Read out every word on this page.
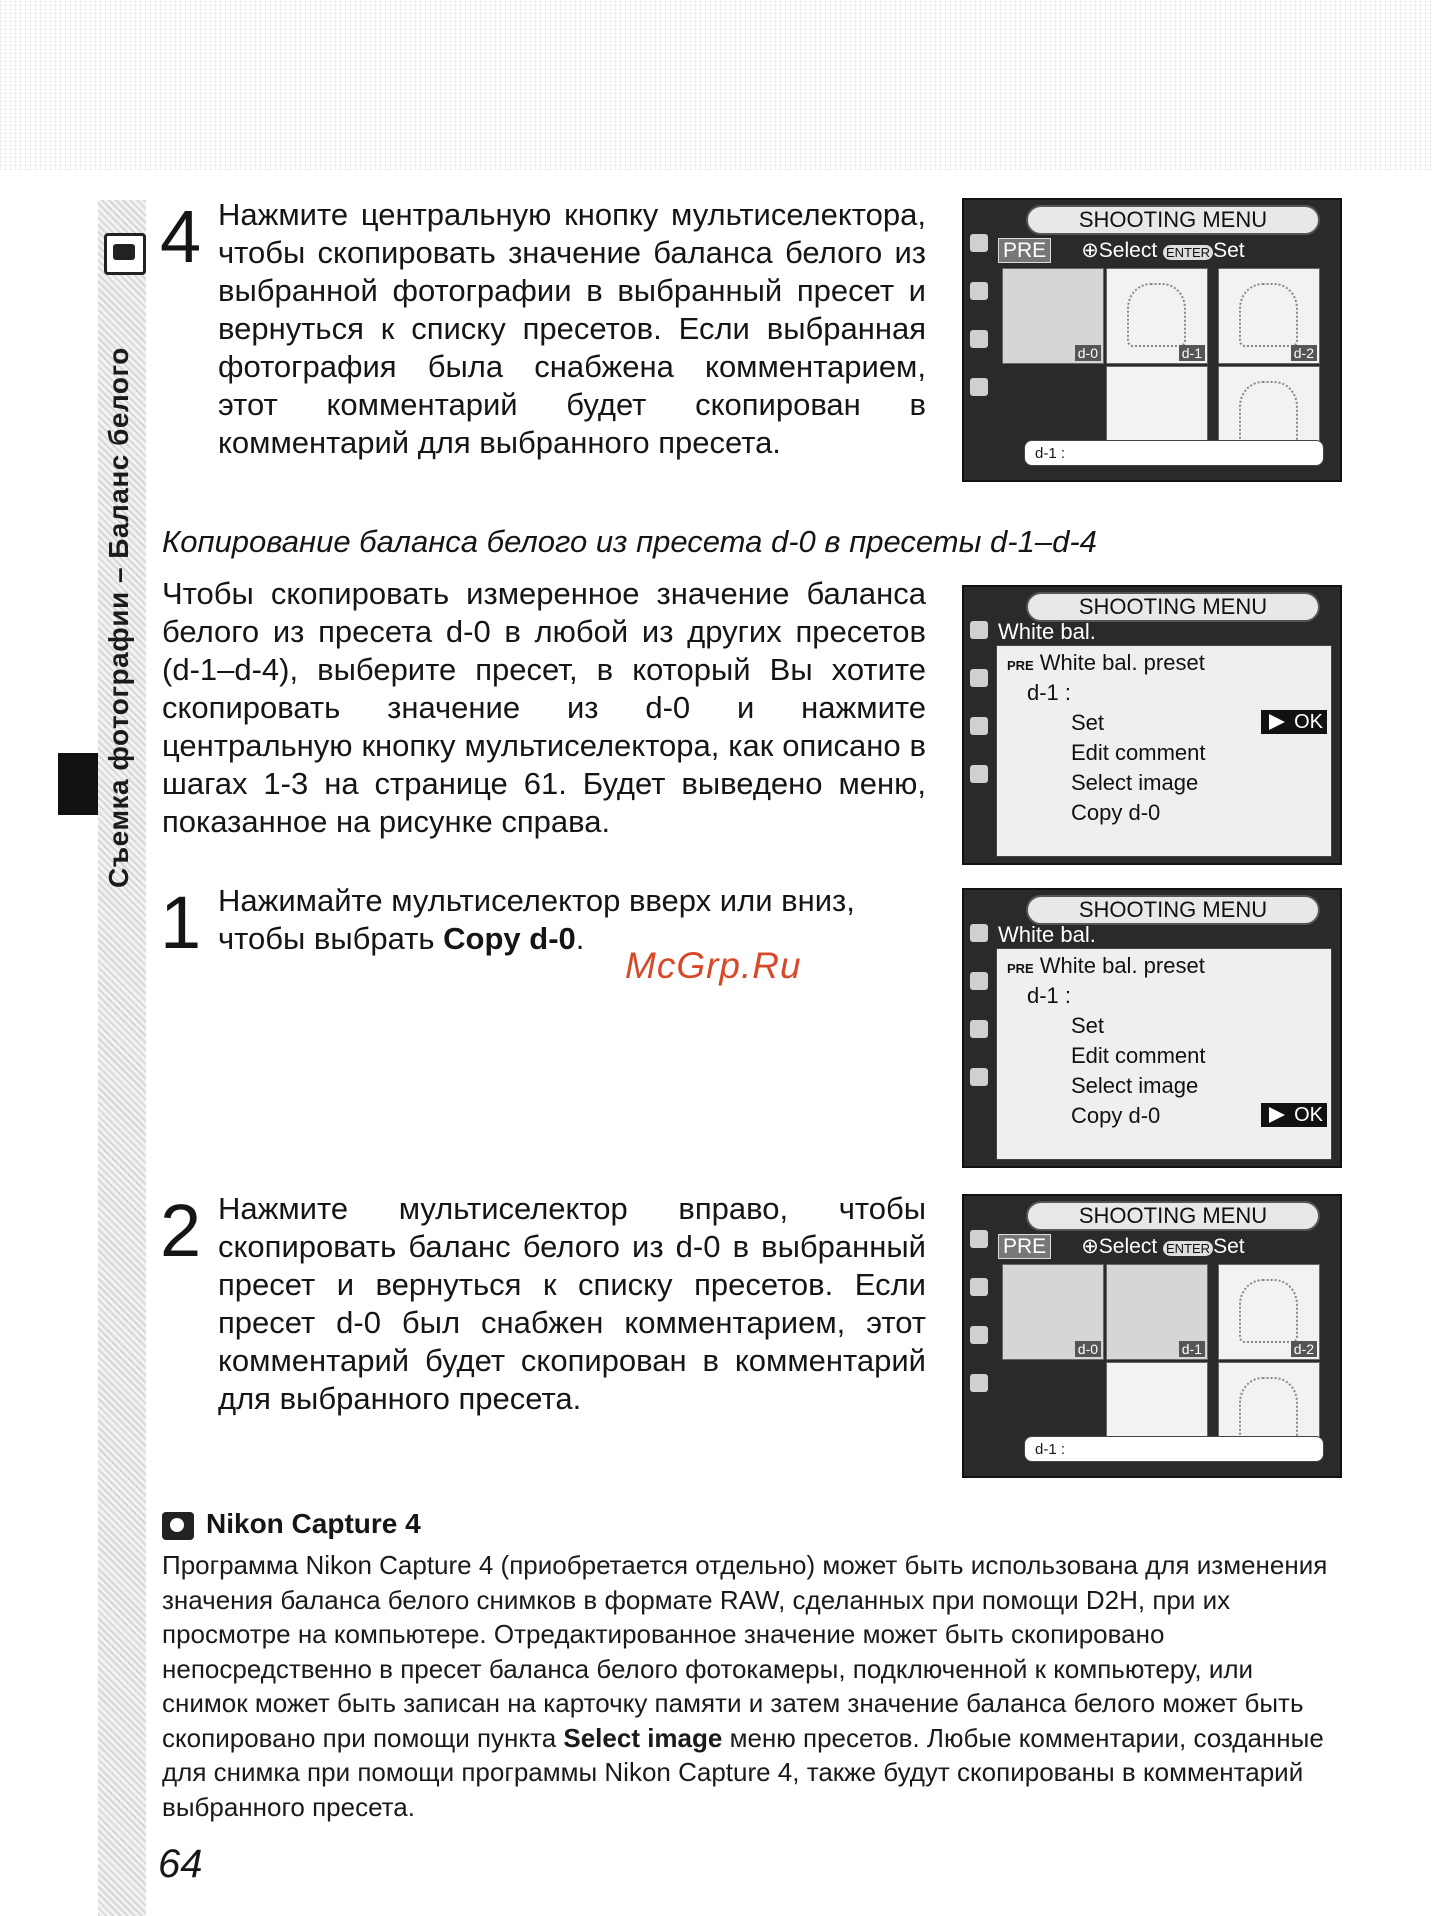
Съемка фотографии – Баланс белого
4 Нажмите центральную кнопку мультиселектора, чтобы скопировать значение баланса белого из выбранной фотографии в выбранный пресет и вернуться к списку пресетов. Если выбранная фотография была снабжена комментарием, этот комментарий будет скопирован в комментарий для выбранного пресета.
SHOOTING MENU
PRE ⊕Select ENTER Set
d-0	d-1	d-2
d-1 :
Копирование баланса белого из пресета d-0 в пресеты d-1–d-4
Чтобы скопировать измеренное значение баланса белого из пресета d-0 в любой из других пресетов (d-1–d-4), выберите пресет, в который Вы хотите скопировать значение из d-0 и нажмите центральную кнопку мультиселектора, как описано в шагах 1-3 на странице 61. Будет выведено меню, показанное на рисунке справа.
SHOOTING MENU
White bal.
PRE White bal. preset
d-1 :
Set	OK
Edit comment
Select image
Copy d-0
1 Нажимайте мультиселектор вверх или вниз, чтобы выбрать Copy d-0.
McGrp.Ru
SHOOTING MENU
White bal.
PRE White bal. preset
d-1 :
Set
Edit comment
Select image
Copy d-0	OK
2 Нажмите мультиселектор вправо, чтобы скопировать баланс белого из d-0 в выбранный пресет и вернуться к списку пресетов. Если пресет d-0 был снабжен комментарием, этот комментарий будет скопирован в комментарий для выбранного пресета.
SHOOTING MENU
PRE ⊕Select ENTER Set
d-0	d-1	d-2
d-1 :
Nikon Capture 4
Программа Nikon Capture 4 (приобретается отдельно) может быть использована для изменения значения баланса белого снимков в формате RAW, сделанных при помощи D2H, при их просмотре на компьютере. Отредактированное значение может быть скопировано непосредственно в пресет баланса белого фотокамеры, подключенной к компьютеру, или снимок может быть записан на карточку памяти и затем значение баланса белого может быть скопировано при помощи пункта Select image меню пресетов. Любые комментарии, созданные для снимка при помощи программы Nikon Capture 4, также будут скопированы в комментарий выбранного пресета.
64
